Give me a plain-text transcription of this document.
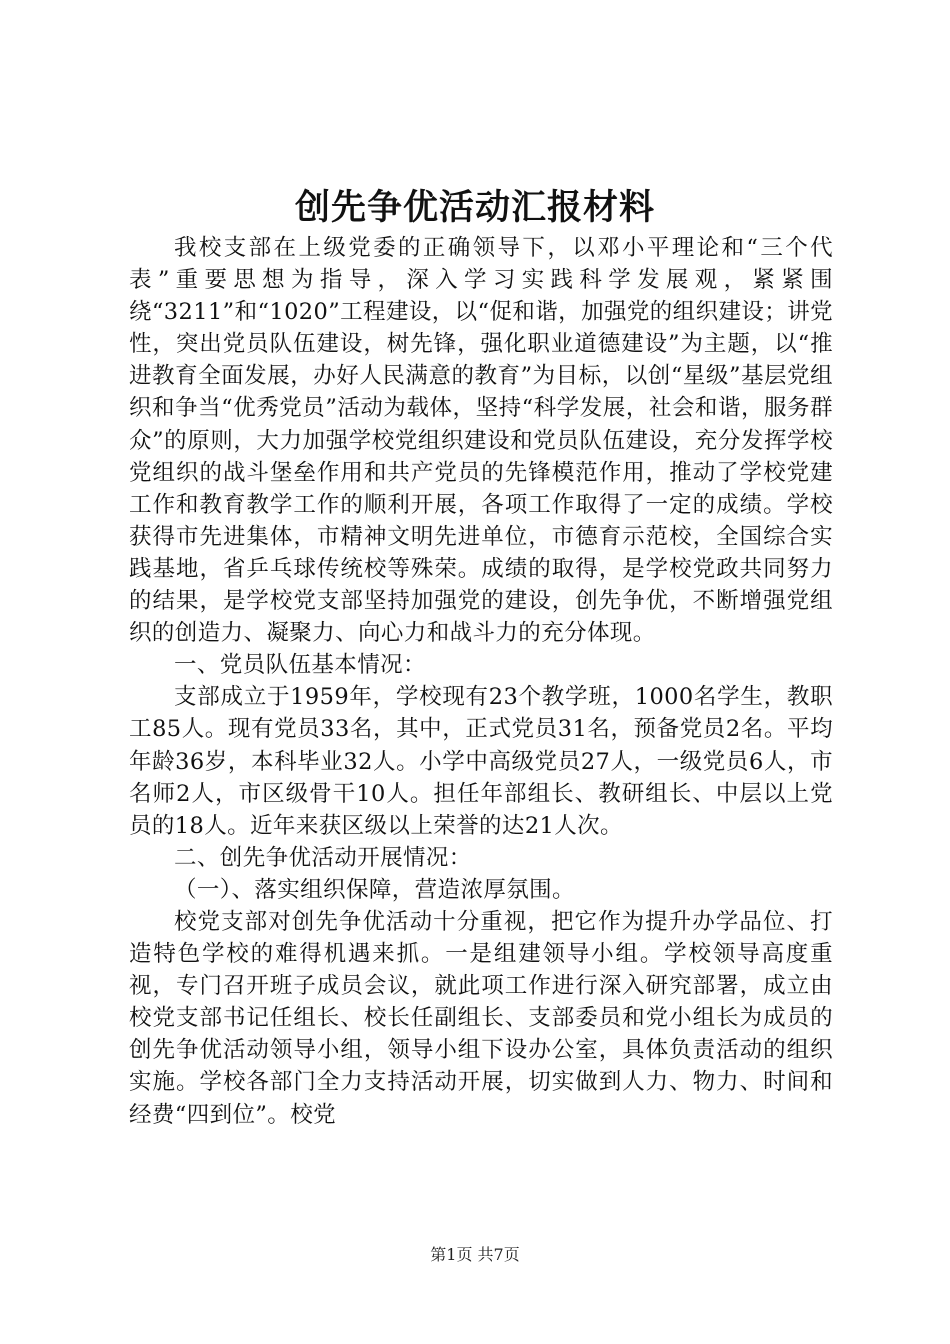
创先争优活动汇报材料

我校支部在上级党委的正确领导下，以邓小平理论和“三个代表”重要思想为指导，深入学习实践科学发展观，紧紧围绕“3211”和“1020”工程建设，以“促和谐，加强党的组织建设；讲党性，突出党员队伍建设，树先锋，强化职业道德建设”为主题，以“推进教育全面发展，办好人民满意的教育”为目标，以创“星级”基层党组织和争当“优秀党员”活动为载体，坚持“科学发展，社会和谐，服务群众”的原则，大力加强学校党组织建设和党员队伍建设，充分发挥学校党组织的战斗堡垒作用和共产党员的先锋模范作用，推动了学校党建工作和教育教学工作的顺利开展，各项工作取得了一定的成绩。学校获得市先进集体，市精神文明先进单位，市德育示范校，全国综合实践基地，省乒乓球传统校等殊荣。成绩的取得，是学校党政共同努力的结果，是学校党支部坚持加强党的建设，创先争优，不断增强党组织的创造力、凝聚力、向心力和战斗力的充分体现。

一、党员队伍基本情况：

支部成立于1959年，学校现有23个教学班，1000名学生，教职工85人。现有党员33名，其中，正式党员31名，预备党员2名。平均年龄36岁，本科毕业32人。小学中高级党员27人，一级党员6人，市名师2人，市区级骨干10人。担任年部组长、教研组长、中层以上党员的18人。近年来获区级以上荣誉的达21人次。

二、创先争优活动开展情况：

（一）、落实组织保障，营造浓厚氛围。

校党支部对创先争优活动十分重视，把它作为提升办学品位、打造特色学校的难得机遇来抓。一是组建领导小组。学校领导高度重视，专门召开班子成员会议，就此项工作进行深入研究部署，成立由校党支部书记任组长、校长任副组长、支部委员和党小组长为成员的创先争优活动领导小组，领导小组下设办公室，具体负责活动的组织实施。学校各部门全力支持活动开展，切实做到人力、物力、时间和经费“四到位”。校党

第1页 共7页
